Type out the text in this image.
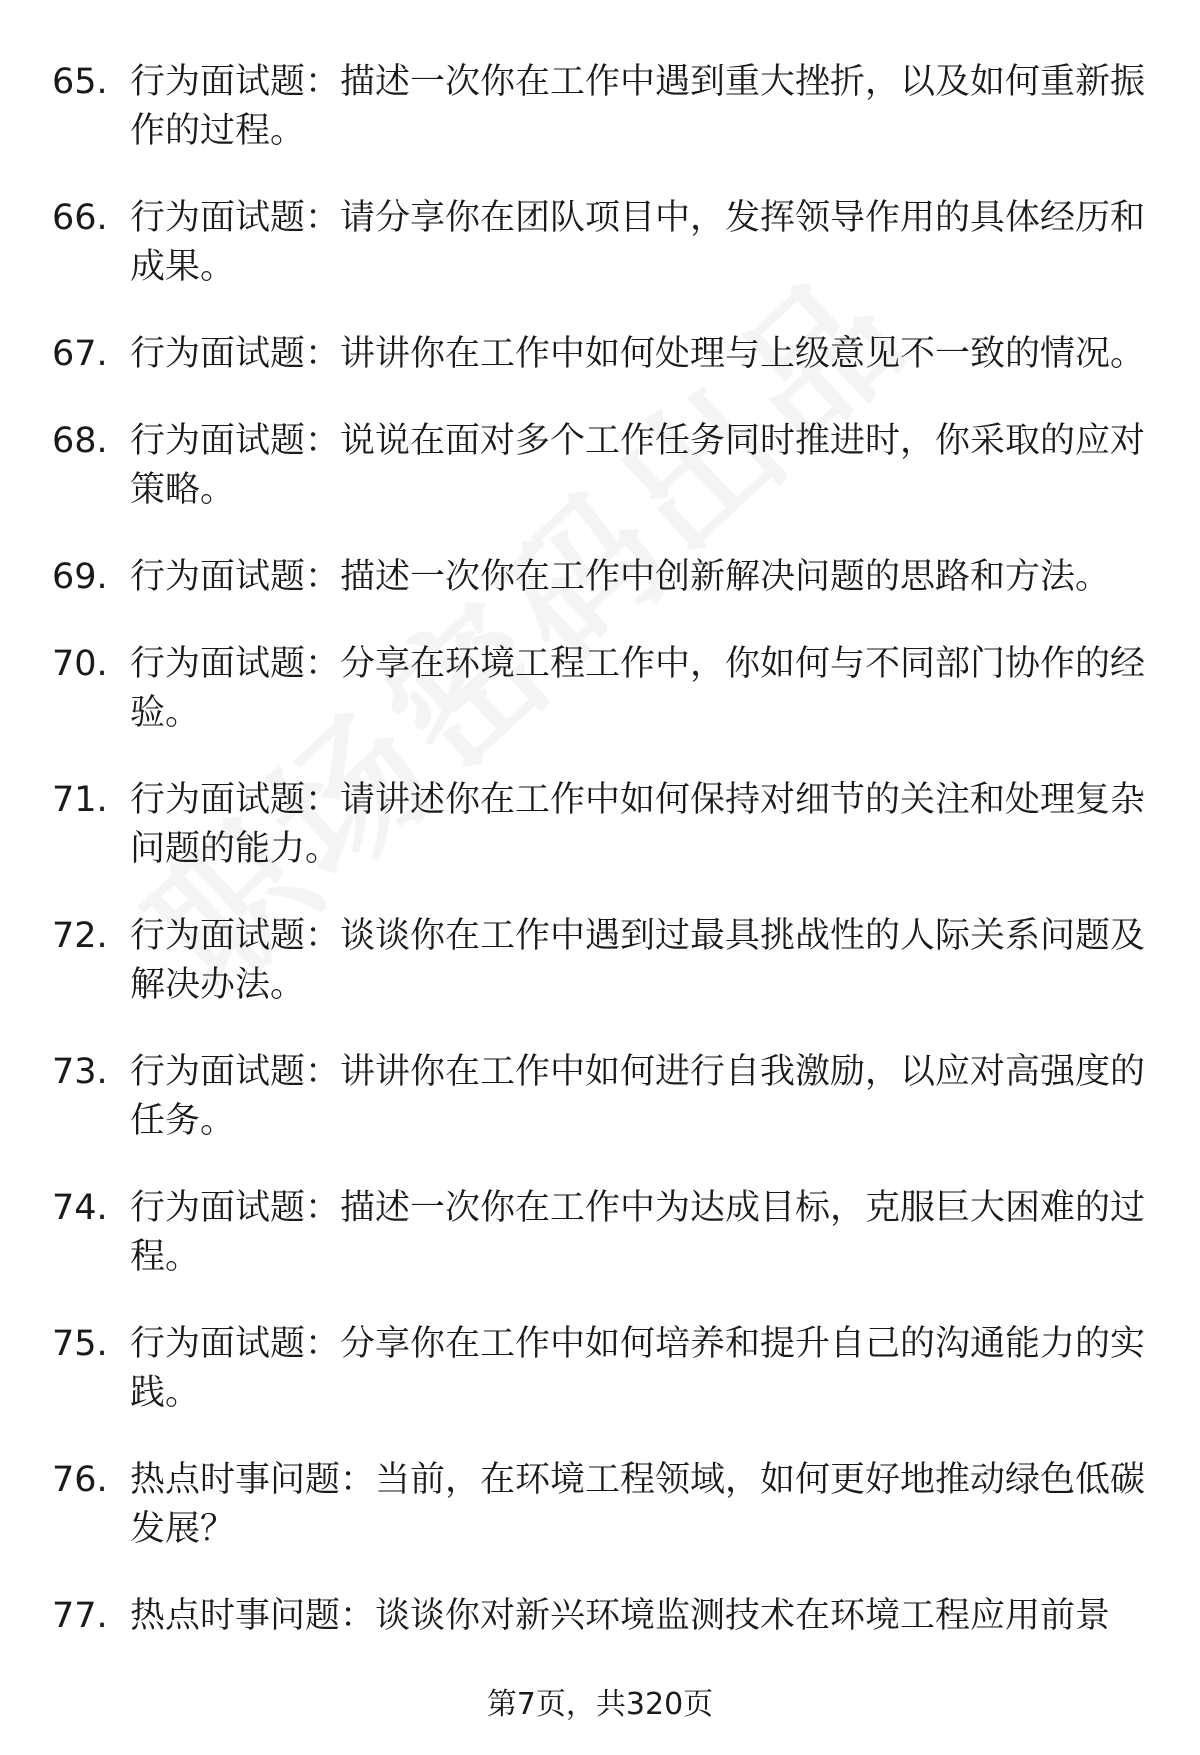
65. 行为面试题：描述一次你在工作中遇到重大挫折，以及如何重新振作的过程。
66. 行为面试题：请分享你在团队项目中，发挥领导作用的具体经历和成果。
67. 行为面试题：讲讲你在工作中如何处理与上级意见不一致的情况。
68. 行为面试题：说说在面对多个工作任务同时推进时，你采取的应对策略。
69. 行为面试题：描述一次你在工作中创新解决问题的思路和方法。
70. 行为面试题：分享在环境工程工作中，你如何与不同部门协作的经验。
71. 行为面试题：请讲述你在工作中如何保持对细节的关注和处理复杂问题的能力。
72. 行为面试题：谈谈你在工作中遇到过最具挑战性的人际关系问题及解决办法。
73. 行为面试题：讲讲你在工作中如何进行自我激励，以应对高强度的任务。
74. 行为面试题：描述一次你在工作中为达成目标，克服巨大困难的过程。
75. 行为面试题：分享你在工作中如何培养和提升自己的沟通能力的实践。
76. 热点时事问题：当前，在环境工程领域，如何更好地推动绿色低碳发展？
77. 热点时事问题：谈谈你对新兴环境监测技术在环境工程应用前景
第7页，共320页
